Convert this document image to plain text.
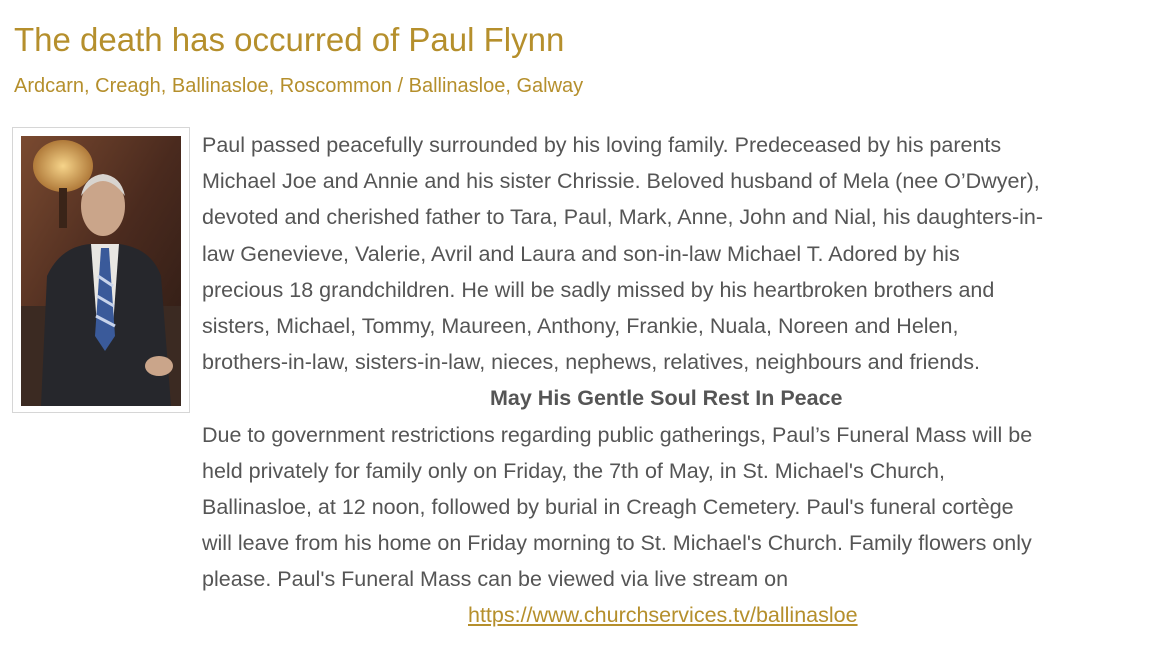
The death has occurred of Paul Flynn
Ardcarn, Creagh, Ballinasloe, Roscommon / Ballinasloe, Galway
Paul passed peacefully surrounded by his loving family. Predeceased by his parents
Michael Joe and Annie and his sister Chrissie. Beloved husband of Mela (nee O’Dwyer),
devoted and cherished father to Tara, Paul, Mark, Anne, John and Nial, his daughters-in-
law Genevieve, Valerie, Avril and Laura and son-in-law Michael T. Adored by his
precious 18 grandchildren. He will be sadly missed by his heartbroken brothers and
sisters, Michael, Tommy, Maureen, Anthony, Frankie, Nuala, Noreen and Helen,
brothers-in-law, sisters-in-law, nieces, nephews, relatives, neighbours and friends.
May His Gentle Soul Rest In Peace
Due to government restrictions regarding public gatherings, Paul’s Funeral Mass will be
held privately for family only on Friday, the 7th of May, in St. Michael's Church,
Ballinasloe, at 12 noon, followed by burial in Creagh Cemetery. Paul's funeral cortège
will leave from his home on Friday morning to St. Michael's Church. Family flowers only
please. Paul's Funeral Mass can be viewed via live stream on
https://www.churchservices.tv/ballinasloe
